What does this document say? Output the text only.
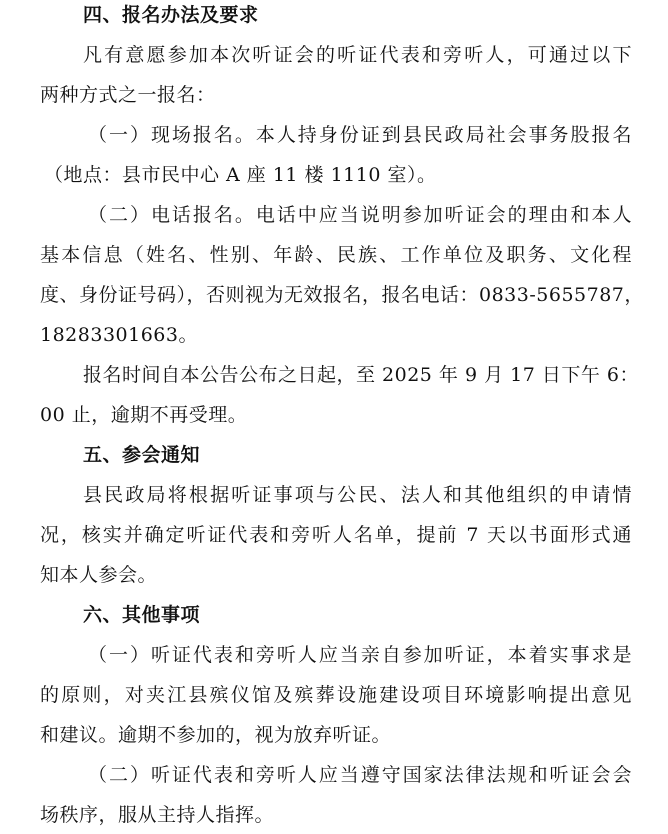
四、报名办法及要求
凡有意愿参加本次听证会的听证代表和旁听人，可通过以下
两种方式之一报名：
（一）现场报名。本人持身份证到县民政局社会事务股报名
（地点：县市民中心 A 座 11 楼 1110 室）。
（二）电话报名。电话中应当说明参加听证会的理由和本人
基本信息（姓名、性别、年龄、民族、工作单位及职务、文化程
度、身份证号码），否则视为无效报名，报名电话：0833-5655787，
18283301663。
报名时间自本公告公布之日起，至 2025 年 9 月 17 日下午 6：
00 止，逾期不再受理。
五、参会通知
县民政局将根据听证事项与公民、法人和其他组织的申请情
况，核实并确定听证代表和旁听人名单，提前 7 天以书面形式通
知本人参会。
六、其他事项
（一）听证代表和旁听人应当亲自参加听证，本着实事求是
的原则，对夹江县殡仪馆及殡葬设施建设项目环境影响提出意见
和建议。逾期不参加的，视为放弃听证。
（二）听证代表和旁听人应当遵守国家法律法规和听证会会
场秩序，服从主持人指挥。
